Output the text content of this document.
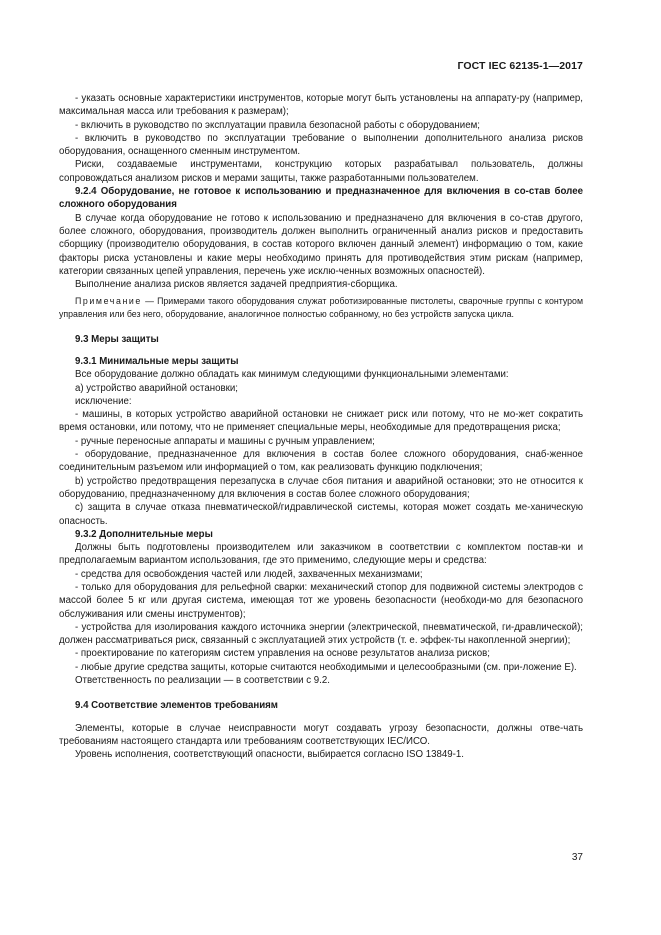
ГОСТ IEC 62135-1—2017

- указать основные характеристики инструментов, которые могут быть установлены на аппарату-ру (например, максимальная масса или требования к размерам);

- включить в руководство по эксплуатации правила безопасной работы с оборудованием;

- включить в руководство по эксплуатации требование о выполнении дополнительного анализа рисков оборудования, оснащенного сменным инструментом.

Риски, создаваемые инструментами, конструкцию которых разрабатывал пользователь, должны сопровождаться анализом рисков и мерами защиты, также разработанными пользователем.

9.2.4 Оборудование, не готовое к использованию и предназначенное для включения в со-став более сложного оборудования

В случае когда оборудование не готово к использованию и предназначено для включения в со-став другого, более сложного, оборудования, производитель должен выполнить ограниченный анализ рисков и предоставить сборщику (производителю оборудования, в состав которого включен данный элемент) информацию о том, какие факторы риска установлены и какие меры необходимо принять для противодействия этим рискам (например, категории связанных цепей управления, перечень уже исклю-ченных возможных опасностей).

Выполнение анализа рисков является задачей предприятия-сборщика.

Примечание — Примерами такого оборудования служат роботизированные пистолеты, сварочные группы с контуром управления или без него, оборудование, аналогичное полностью собранному, но без устройств запуска цикла.

9.3 Меры защиты

9.3.1 Минимальные меры защиты

Все оборудование должно обладать как минимум следующими функциональными элементами:

а) устройство аварийной остановки;

исключение:

- машины, в которых устройство аварийной остановки не снижает риск или потому, что не мо-жет сократить время остановки, или потому, что не применяет специальные меры, необходимые для предотвращения риска;

- ручные переносные аппараты и машины с ручным управлением;

- оборудование, предназначенное для включения в состав более сложного оборудования, снаб-женное соединительным разъемом или информацией о том, как реализовать функцию подключения;

b) устройство предотвращения перезапуска в случае сбоя питания и аварийной остановки; это не относится к оборудованию, предназначенному для включения в состав более сложного оборудования;

c) защита в случае отказа пневматической/гидравлической системы, которая может создать ме-ханическую опасность.

9.3.2 Дополнительные меры

Должны быть подготовлены производителем или заказчиком в соответствии с комплектом постав-ки и предполагаемым вариантом использования, где это применимо, следующие меры и средства:

- средства для освобождения частей или людей, захваченных механизмами;

- только для оборудования для рельефной сварки: механический стопор для подвижной системы электродов с массой более 5 кг или другая система, имеющая тот же уровень безопасности (необходи-мо для безопасного обслуживания или смены инструментов);

- устройства для изолирования каждого источника энергии (электрической, пневматической, ги-дравлической); должен рассматриваться риск, связанный с эксплуатацией этих устройств (т. е. эффек-ты накопленной энергии);

- проектирование по категориям систем управления на основе результатов анализа рисков;

- любые другие средства защиты, которые считаются необходимыми и целесообразными (см. при-ложение Е).

Ответственность по реализации — в соответствии с 9.2.

9.4 Соответствие элементов требованиям

Элементы, которые в случае неисправности могут создавать угрозу безопасности, должны отве-чать требованиям настоящего стандарта или требованиям соответствующих IEC/ИСО.

Уровень исполнения, соответствующий опасности, выбирается согласно ISO 13849-1.

37
